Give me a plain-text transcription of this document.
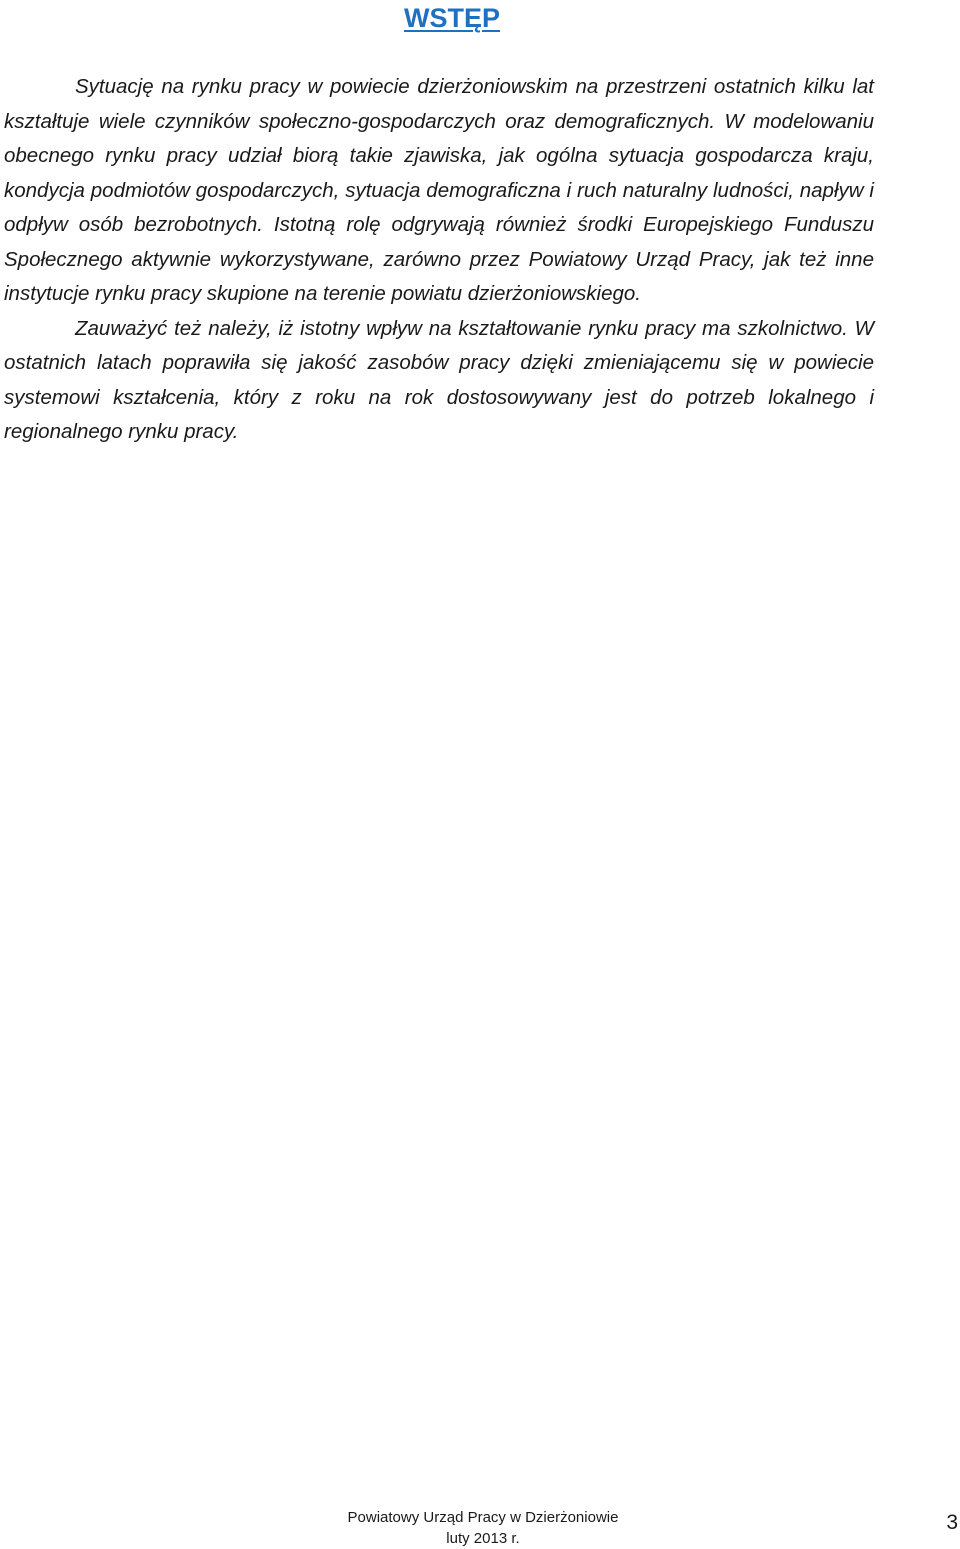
WSTĘP

Sytuację na rynku pracy w powiecie dzierżoniowskim na przestrzeni ostatnich kilku lat kształtuje wiele czynników społeczno-gospodarczych oraz demograficznych. W modelowaniu obecnego rynku pracy udział biorą takie zjawiska, jak ogólna sytuacja gospodarcza kraju, kondycja podmiotów gospodarczych, sytuacja demograficzna i ruch naturalny ludności, napływ i odpływ osób bezrobotnych. Istotną rolę odgrywają również środki Europejskiego Funduszu Społecznego aktywnie wykorzystywane, zarówno przez Powiatowy Urząd Pracy, jak też inne instytucje rynku pracy skupione na terenie powiatu dzierżoniowskiego.

Zauważyć też należy, iż istotny wpływ na kształtowanie rynku pracy ma szkolnictwo. W ostatnich latach poprawiła się jakość zasobów pracy dzięki zmieniającemu się w powiecie systemowi kształcenia, który z roku na rok dostosowywany jest do potrzeb lokalnego i regionalnego rynku pracy.

Powiatowy Urząd Pracy w Dzierżoniowie
luty 2013 r.
3
